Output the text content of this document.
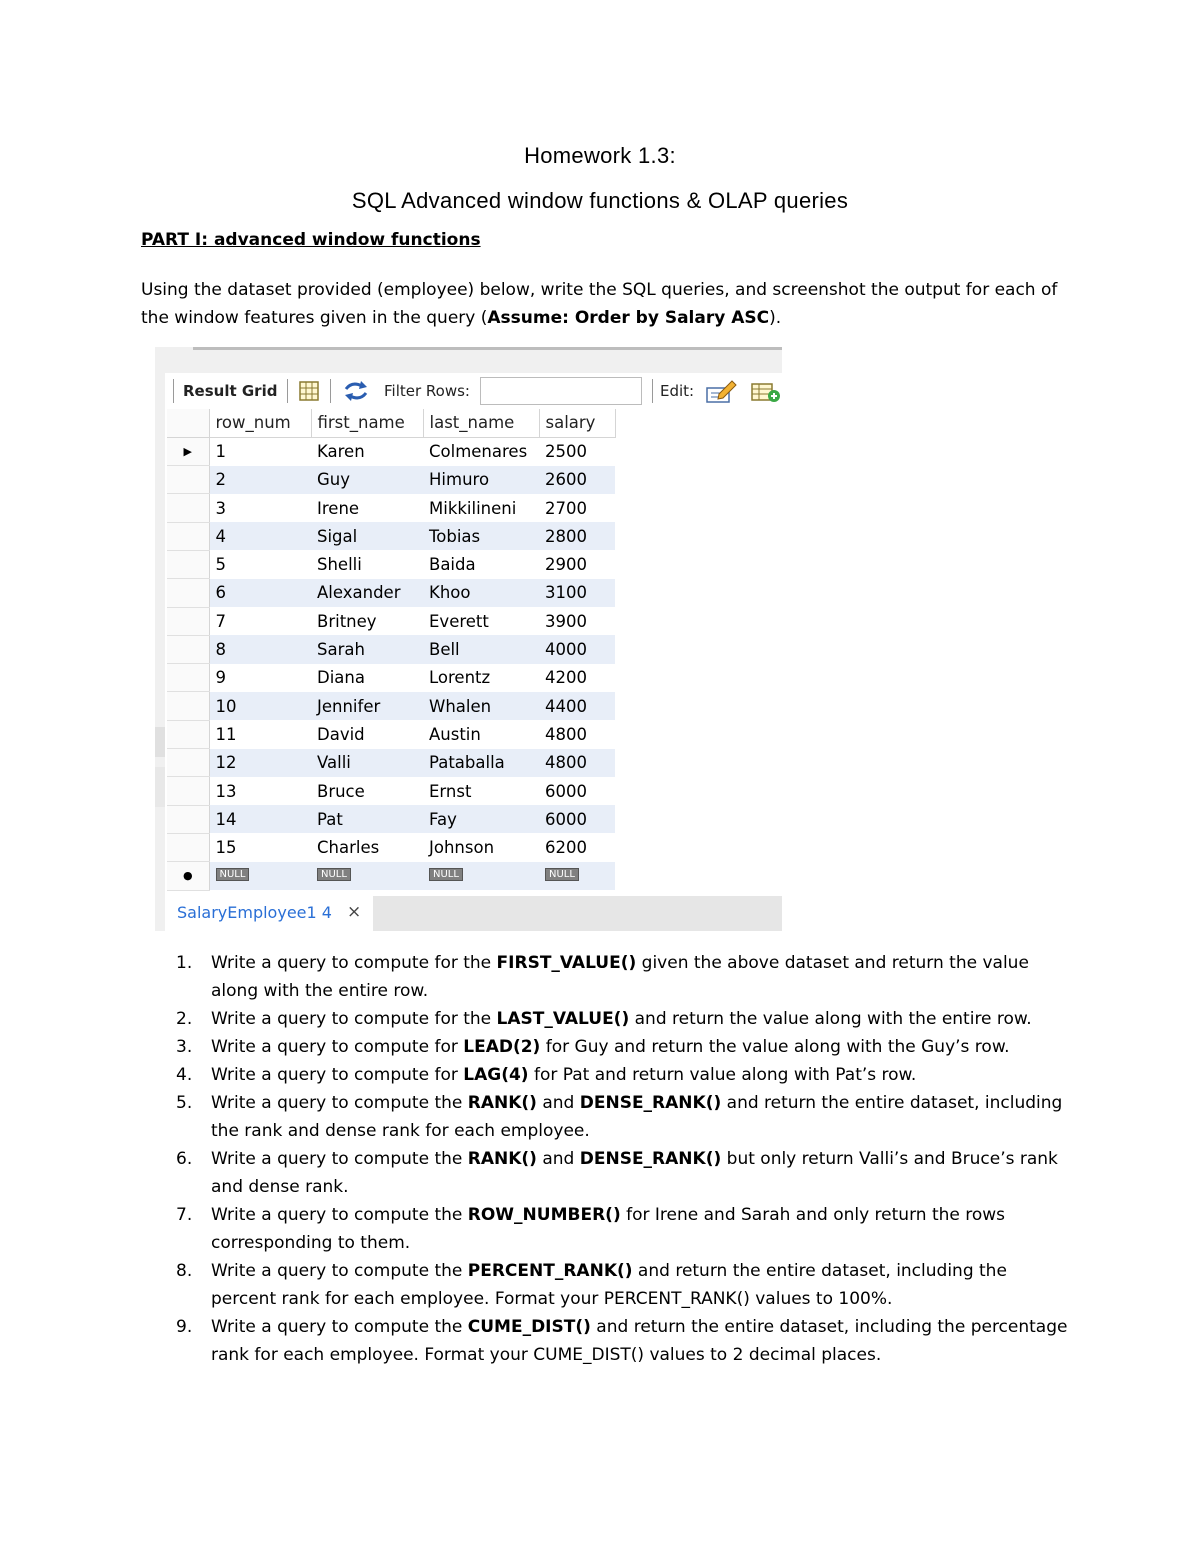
Homework 1.3:
SQL Advanced window functions & OLAP queries
PART I: advanced window functions
Using the dataset provided (employee) below, write the SQL queries, and screenshot the output for each of the window features given in the query (Assume: Order by Salary ASC).
Result Grid	Filter Rows:	Edit:
	row_num	first_name	last_name	salary
▶	1	Karen	Colmenares	2500
	2	Guy	Himuro	2600
	3	Irene	Mikkilineni	2700
	4	Sigal	Tobias	2800
	5	Shelli	Baida	2900
	6	Alexander	Khoo	3100
	7	Britney	Everett	3900
	8	Sarah	Bell	4000
	9	Diana	Lorentz	4200
	10	Jennifer	Whalen	4400
	11	David	Austin	4800
	12	Valli	Pataballa	4800
	13	Bruce	Ernst	6000
	14	Pat	Fay	6000
	15	Charles	Johnson	6200
●	NULL	NULL	NULL	NULL
SalaryEmployee1 4 ×
1. Write a query to compute for the FIRST_VALUE() given the above dataset and return the value along with the entire row.
2. Write a query to compute for the LAST_VALUE() and return the value along with the entire row.
3. Write a query to compute for LEAD(2) for Guy and return the value along with the Guy’s row.
4. Write a query to compute for LAG(4) for Pat and return value along with Pat’s row.
5. Write a query to compute the RANK() and DENSE_RANK() and return the entire dataset, including the rank and dense rank for each employee.
6. Write a query to compute the RANK() and DENSE_RANK() but only return Valli’s and Bruce’s rank and dense rank.
7. Write a query to compute the ROW_NUMBER() for Irene and Sarah and only return the rows corresponding to them.
8. Write a query to compute the PERCENT_RANK() and return the entire dataset, including the percent rank for each employee. Format your PERCENT_RANK() values to 100%.
9. Write a query to compute the CUME_DIST() and return the entire dataset, including the percentage rank for each employee. Format your CUME_DIST() values to 2 decimal places.
